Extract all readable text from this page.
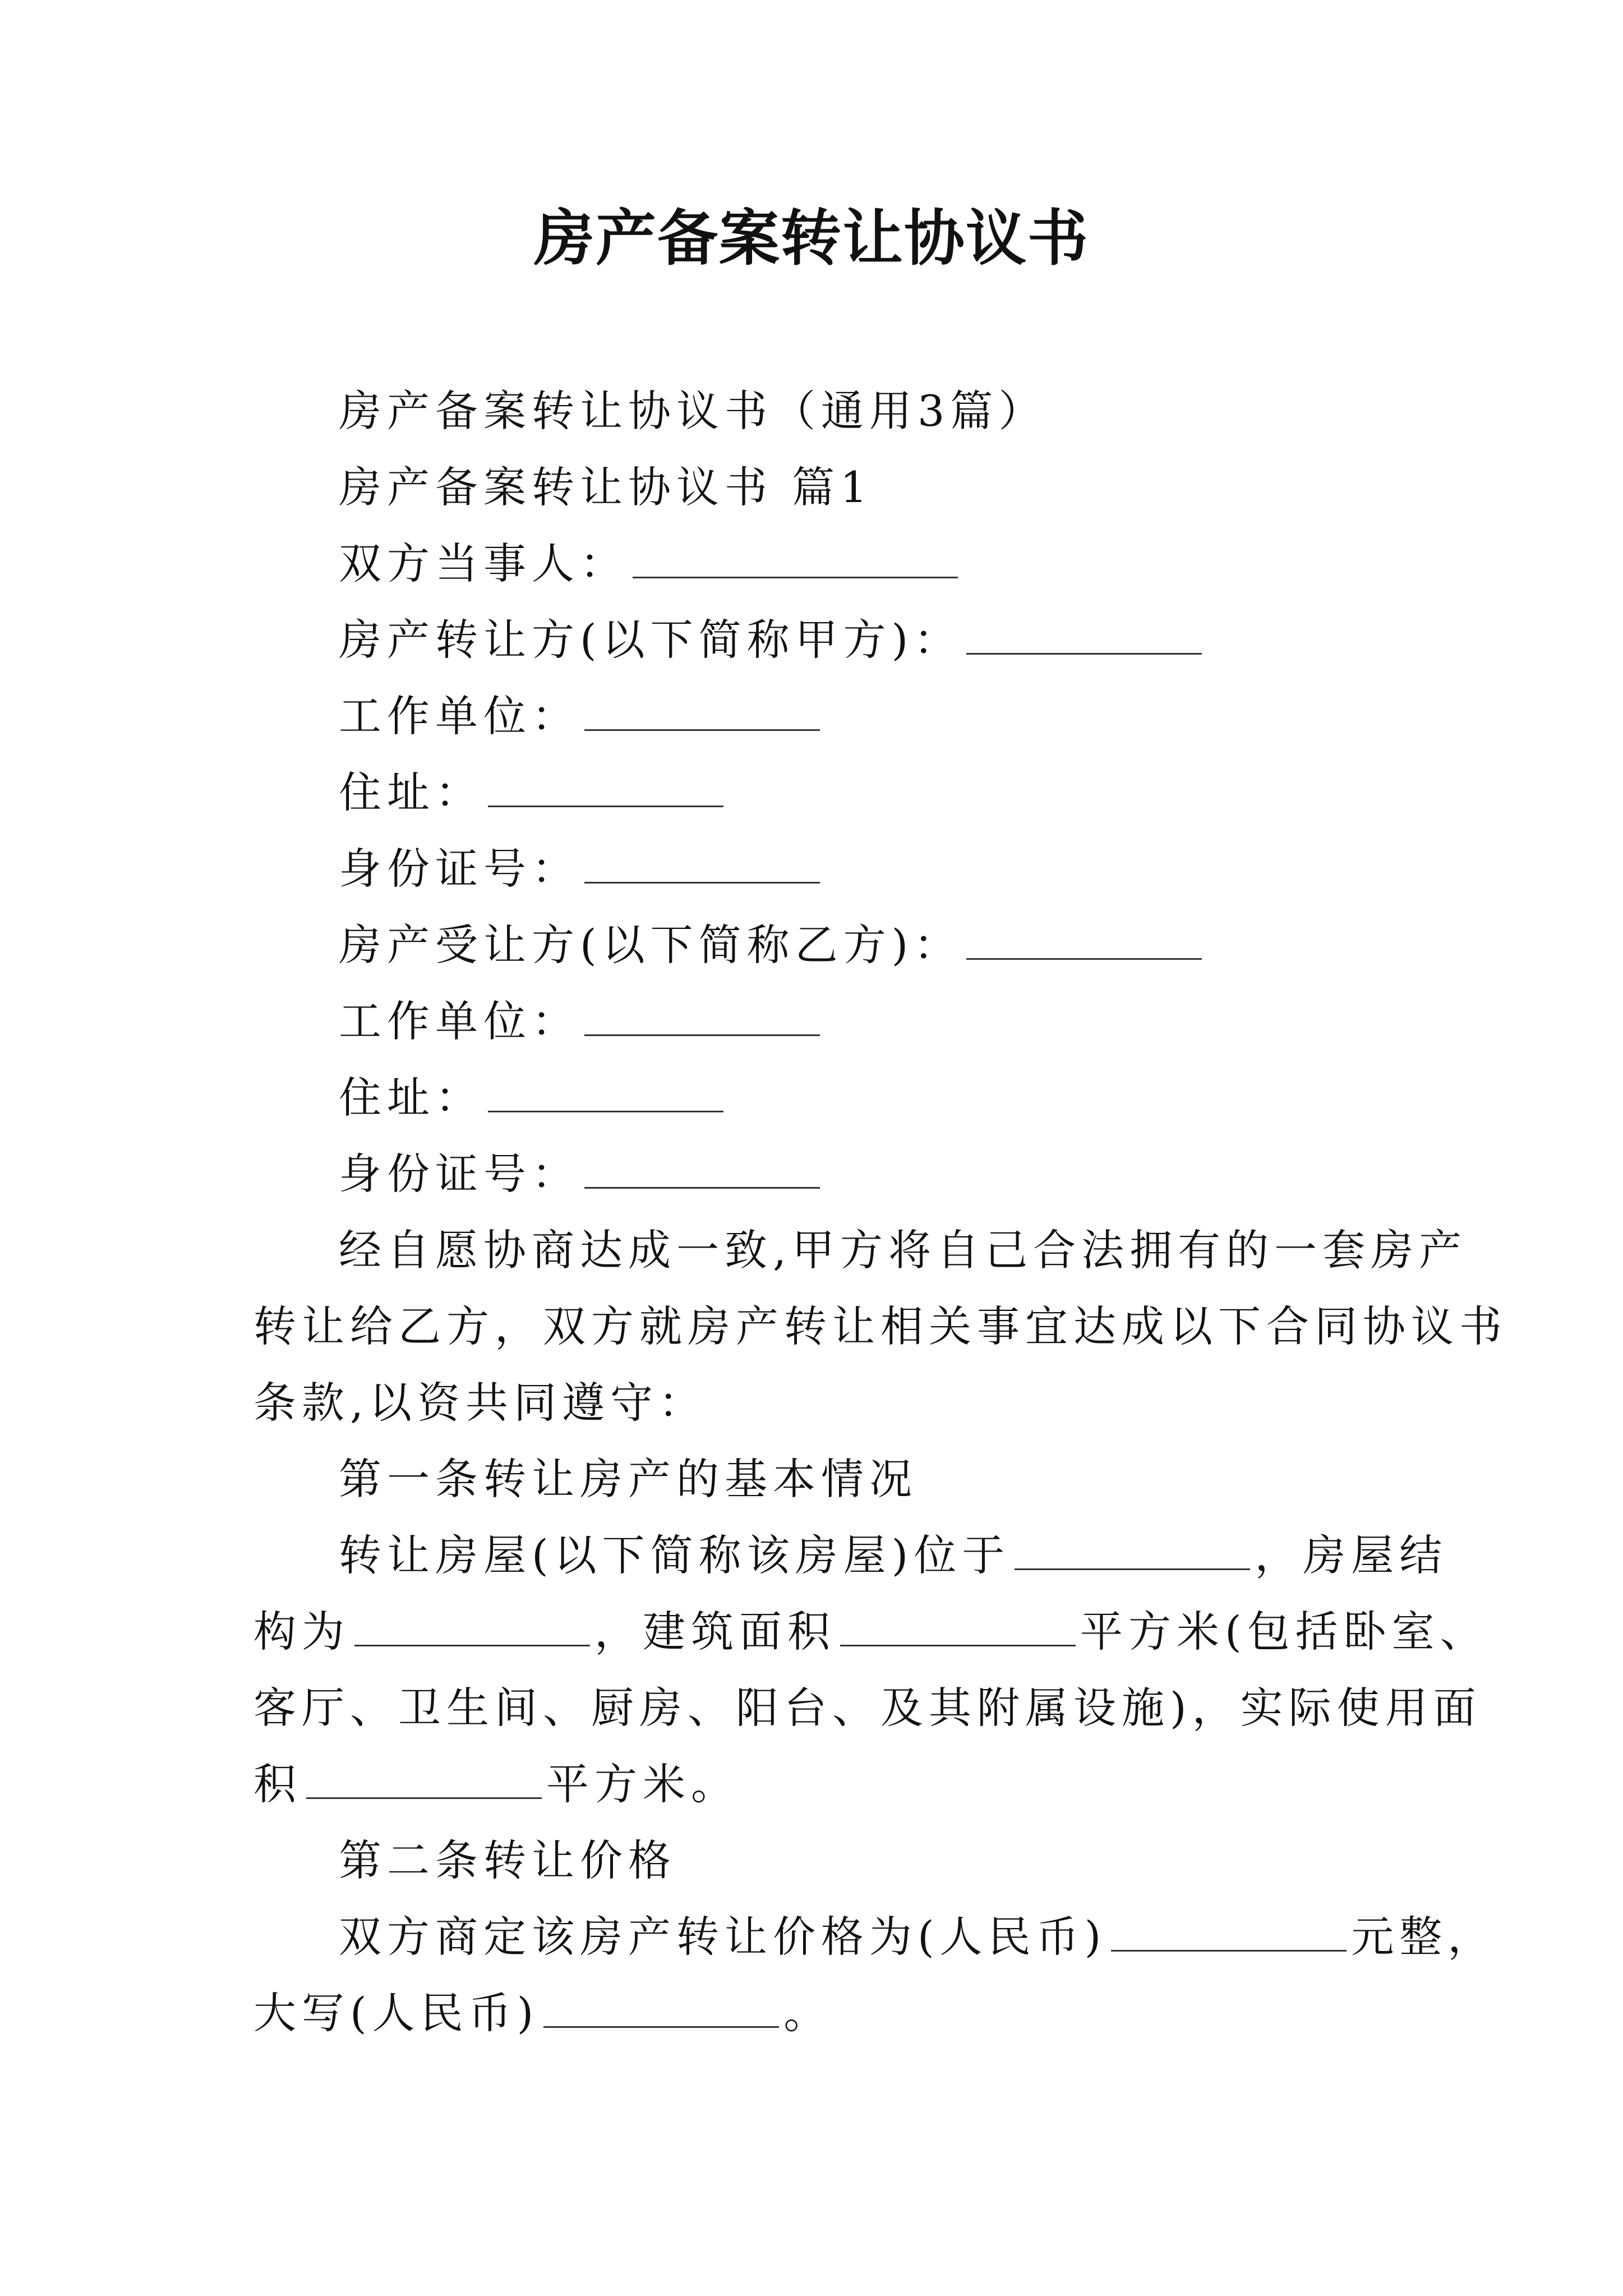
房产备案转让协议书

房产备案转让协议书（通用3篇）

房产备案转让协议书 篇1

双方当事人：

房产转让方(以下简称甲方)：

工作单位：

住址：

身份证号：

房产受让方(以下简称乙方)：

工作单位：

住址：

身份证号：

经自愿协商达成一致,甲方将自己合法拥有的一套房产

转让给乙方，双方就房产转让相关事宜达成以下合同协议书

条款,以资共同遵守：

第一条转让房产的基本情况

转让房屋(以下简称该房屋)位于	，房屋结

构为	，建筑面积	平方米(包括卧室、

客厅、卫生间、厨房、阳台、及其附属设施)，实际使用面

积	平方米。

第二条转让价格

双方商定该房产转让价格为(人民币)	元整，

大写(人民币)	。
